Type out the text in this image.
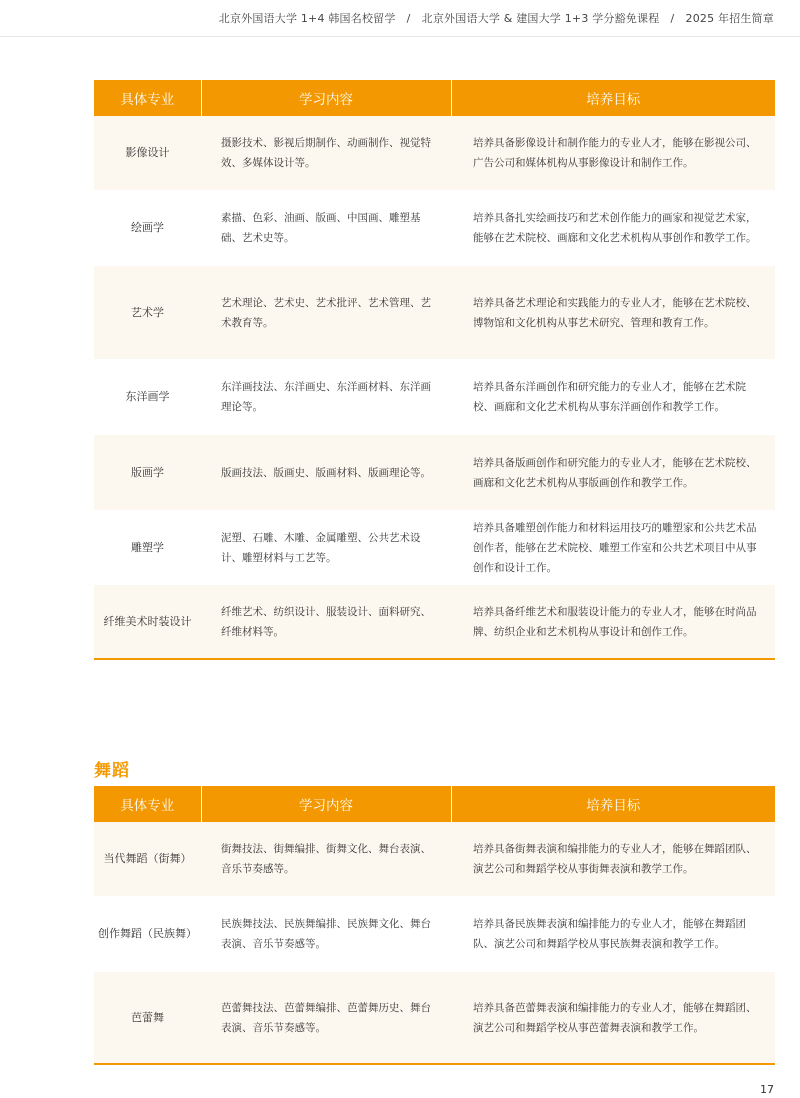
北京外国语大学 1+4 韩国名校留学   /   北京外国语大学 & 建国大学 1+3 学分豁免课程   /   2025 年招生简章
具体专业	学习内容	培养目标
影像设计	摄影技术、影视后期制作、动画制作、视觉特效、多媒体设计等。	培养具备影像设计和制作能力的专业人才，能够在影视公司、广告公司和媒体机构从事影像设计和制作工作。
绘画学	素描、色彩、油画、版画、中国画、雕塑基础、艺术史等。	培养具备扎实绘画技巧和艺术创作能力的画家和视觉艺术家，能够在艺术院校、画廊和文化艺术机构从事创作和教学工作。
艺术学	艺术理论、艺术史、艺术批评、艺术管理、艺术教育等。	培养具备艺术理论和实践能力的专业人才，能够在艺术院校、博物馆和文化机构从事艺术研究、管理和教育工作。
东洋画学	东洋画技法、东洋画史、东洋画材料、东洋画理论等。	培养具备东洋画创作和研究能力的专业人才，能够在艺术院校、画廊和文化艺术机构从事东洋画创作和教学工作。
版画学	版画技法、版画史、版画材料、版画理论等。	培养具备版画创作和研究能力的专业人才，能够在艺术院校、画廊和文化艺术机构从事版画创作和教学工作。
雕塑学	泥塑、石雕、木雕、金属雕塑、公共艺术设计、雕塑材料与工艺等。	培养具备雕塑创作能力和材料运用技巧的雕塑家和公共艺术品创作者，能够在艺术院校、雕塑工作室和公共艺术项目中从事创作和设计工作。
纤维美术时装设计	纤维艺术、纺织设计、服装设计、面料研究、纤维材料等。	培养具备纤维艺术和服装设计能力的专业人才，能够在时尚品牌、纺织企业和艺术机构从事设计和创作工作。
舞蹈
具体专业	学习内容	培养目标
当代舞蹈（街舞）	街舞技法、街舞编排、街舞文化、舞台表演、音乐节奏感等。	培养具备街舞表演和编排能力的专业人才，能够在舞蹈团队、演艺公司和舞蹈学校从事街舞表演和教学工作。
创作舞蹈（民族舞）	民族舞技法、民族舞编排、民族舞文化、舞台表演、音乐节奏感等。	培养具备民族舞表演和编排能力的专业人才，能够在舞蹈团队、演艺公司和舞蹈学校从事民族舞表演和教学工作。
芭蕾舞	芭蕾舞技法、芭蕾舞编排、芭蕾舞历史、舞台表演、音乐节奏感等。	培养具备芭蕾舞表演和编排能力的专业人才，能够在舞蹈团、演艺公司和舞蹈学校从事芭蕾舞表演和教学工作。
17
